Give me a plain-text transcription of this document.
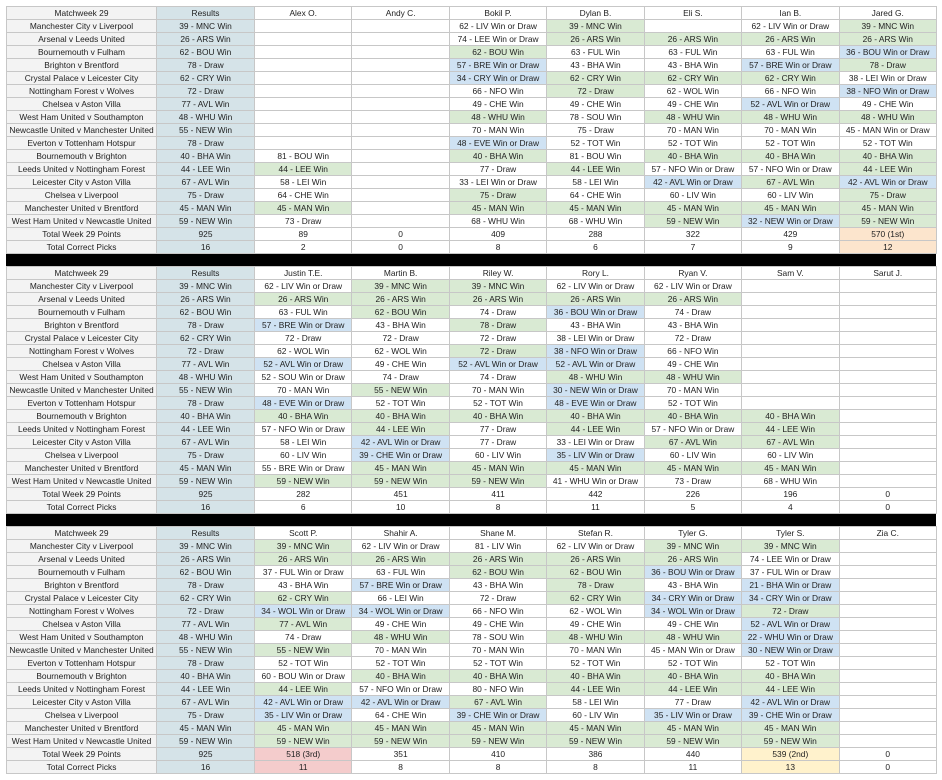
Matchweek 29	Results	Alex O.	Andy C.	Bokil P.	Dylan B.	Eli S.	Ian B.	Jared G.
Manchester City v Liverpool	39 - MNC Win			62 - LIV Win or Draw	39 - MNC Win		62 - LIV Win or Draw	39 - MNC Win
Arsenal v Leeds United	26 - ARS Win			74 - LEE Win or Draw	26 - ARS Win	26 - ARS Win	26 - ARS Win	26 - ARS Win
Bournemouth v Fulham	62 - BOU Win			62 - BOU Win	63 - FUL Win	63 - FUL Win	63 - FUL Win	36 - BOU Win or Draw
Brighton v Brentford	78 - Draw			57 - BRE Win or Draw	43 - BHA Win	43 - BHA Win	57 - BRE Win or Draw	78 - Draw
Crystal Palace v Leicester City	62 - CRY Win			34 - CRY Win or Draw	62 - CRY Win	62 - CRY Win	62 - CRY Win	38 - LEI Win or Draw
Nottingham Forest v Wolves	72 - Draw			66 - NFO Win	72 - Draw	62 - WOL Win	66 - NFO Win	38 - NFO Win or Draw
Chelsea v Aston Villa	77 - AVL Win			49 - CHE Win	49 - CHE Win	49 - CHE Win	52 - AVL Win or Draw	49 - CHE Win
West Ham United v Southampton	48 - WHU Win			48 - WHU Win	78 - SOU Win	48 - WHU Win	48 - WHU Win	48 - WHU Win
Newcastle United v Manchester United	55 - NEW Win			70 - MAN Win	75 - Draw	70 - MAN Win	70 - MAN Win	45 - MAN Win or Draw
Everton v Tottenham Hotspur	78 - Draw			48 - EVE Win or Draw	52 - TOT Win	52 - TOT Win	52 - TOT Win	52 - TOT Win
Bournemouth v Brighton	40 - BHA Win	81 - BOU Win		40 - BHA Win	81 - BOU Win	40 - BHA Win	40 - BHA Win	40 - BHA Win
Leeds United v Nottingham Forest	44 - LEE Win	44 - LEE Win		77 - Draw	44 - LEE Win	57 - NFO Win or Draw	57 - NFO Win or Draw	44 - LEE Win
Leicester City v Aston Villa	67 - AVL Win	58 - LEI Win		33 - LEI Win or Draw	58 - LEI Win	42 - AVL Win or Draw	67 - AVL Win	42 - AVL Win or Draw
Chelsea v Liverpool	75 - Draw	64 - CHE Win		75 - Draw	64 - CHE Win	60 - LIV Win	60 - LIV Win	75 - Draw
Manchester United v Brentford	45 - MAN Win	45 - MAN Win		45 - MAN Win	45 - MAN Win	45 - MAN Win	45 - MAN Win	45 - MAN Win
West Ham United v Newcastle United	59 - NEW Win	73 - Draw		68 - WHU Win	68 - WHU Win	59 - NEW Win	32 - NEW Win or Draw	59 - NEW Win
Total Week 29 Points	925	89	0	409	288	322	429	570 (1st)
Total Correct Picks	16	2	0	8	6	7	9	12
Matchweek 29	Results	Justin T.E.	Martin B.	Riley W.	Rory L.	Ryan V.	Sam V.	Sarut J.
Manchester City v Liverpool	39 - MNC Win	62 - LIV Win or Draw	39 - MNC Win	39 - MNC Win	62 - LIV Win or Draw	62 - LIV Win or Draw		
Arsenal v Leeds United	26 - ARS Win	26 - ARS Win	26 - ARS Win	26 - ARS Win	26 - ARS Win	26 - ARS Win		
Bournemouth v Fulham	62 - BOU Win	63 - FUL Win	62 - BOU Win	74 - Draw	36 - BOU Win or Draw	74 - Draw		
Brighton v Brentford	78 - Draw	57 - BRE Win or Draw	43 - BHA Win	78 - Draw	43 - BHA Win	43 - BHA Win		
Crystal Palace v Leicester City	62 - CRY Win	72 - Draw	72 - Draw	72 - Draw	38 - LEI Win or Draw	72 - Draw		
Nottingham Forest v Wolves	72 - Draw	62 - WOL Win	62 - WOL Win	72 - Draw	38 - NFO Win or Draw	66 - NFO Win		
Chelsea v Aston Villa	77 - AVL Win	52 - AVL Win or Draw	49 - CHE Win	52 - AVL Win or Draw	52 - AVL Win or Draw	49 - CHE Win		
West Ham United v Southampton	48 - WHU Win	52 - SOU Win or Draw	74 - Draw	74 - Draw	48 - WHU Win	48 - WHU Win		
Newcastle United v Manchester United	55 - NEW Win	70 - MAN Win	55 - NEW Win	70 - MAN Win	30 - NEW Win or Draw	70 - MAN Win		
Everton v Tottenham Hotspur	78 - Draw	48 - EVE Win or Draw	52 - TOT Win	52 - TOT Win	48 - EVE Win or Draw	52 - TOT Win		
Bournemouth v Brighton	40 - BHA Win	40 - BHA Win	40 - BHA Win	40 - BHA Win	40 - BHA Win	40 - BHA Win	40 - BHA Win	
Leeds United v Nottingham Forest	44 - LEE Win	57 - NFO Win or Draw	44 - LEE Win	77 - Draw	44 - LEE Win	57 - NFO Win or Draw	44 - LEE Win	
Leicester City v Aston Villa	67 - AVL Win	58 - LEI Win	42 - AVL Win or Draw	77 - Draw	33 - LEI Win or Draw	67 - AVL Win	67 - AVL Win	
Chelsea v Liverpool	75 - Draw	60 - LIV Win	39 - CHE Win or Draw	60 - LIV Win	35 - LIV Win or Draw	60 - LIV Win	60 - LIV Win	
Manchester United v Brentford	45 - MAN Win	55 - BRE Win or Draw	45 - MAN Win	45 - MAN Win	45 - MAN Win	45 - MAN Win	45 - MAN Win	
West Ham United v Newcastle United	59 - NEW Win	59 - NEW Win	59 - NEW Win	59 - NEW Win	41 - WHU Win or Draw	73 - Draw	68 - WHU Win	
Total Week 29 Points	925	282	451	411	442	226	196	0
Total Correct Picks	16	6	10	8	11	5	4	0
Matchweek 29	Results	Scott P.	Shahir A.	Shane M.	Stefan R.	Tyler G.	Tyler S.	Zia C.
Manchester City v Liverpool	39 - MNC Win	39 - MNC Win	62 - LIV Win or Draw	81 - LIV Win	62 - LIV Win or Draw	39 - MNC Win	39 - MNC Win	
Arsenal v Leeds United	26 - ARS Win	26 - ARS Win	26 - ARS Win	26 - ARS Win	26 - ARS Win	26 - ARS Win	74 - LEE Win or Draw	
Bournemouth v Fulham	62 - BOU Win	37 - FUL Win or Draw	63 - FUL Win	62 - BOU Win	62 - BOU Win	36 - BOU Win or Draw	37 - FUL Win or Draw	
Brighton v Brentford	78 - Draw	43 - BHA Win	57 - BRE Win or Draw	43 - BHA Win	78 - Draw	43 - BHA Win	21 - BHA Win or Draw	
Crystal Palace v Leicester City	62 - CRY Win	62 - CRY Win	66 - LEI Win	72 - Draw	62 - CRY Win	34 - CRY Win or Draw	34 - CRY Win or Draw	
Nottingham Forest v Wolves	72 - Draw	34 - WOL Win or Draw	34 - WOL Win or Draw	66 - NFO Win	62 - WOL Win	34 - WOL Win or Draw	72 - Draw	
Chelsea v Aston Villa	77 - AVL Win	77 - AVL Win	49 - CHE Win	49 - CHE Win	49 - CHE Win	49 - CHE Win	52 - AVL Win or Draw	
West Ham United v Southampton	48 - WHU Win	74 - Draw	48 - WHU Win	78 - SOU Win	48 - WHU Win	48 - WHU Win	22 - WHU Win or Draw	
Newcastle United v Manchester United	55 - NEW Win	55 - NEW Win	70 - MAN Win	70 - MAN Win	70 - MAN Win	45 - MAN Win or Draw	30 - NEW Win or Draw	
Everton v Tottenham Hotspur	78 - Draw	52 - TOT Win	52 - TOT Win	52 - TOT Win	52 - TOT Win	52 - TOT Win	52 - TOT Win	
Bournemouth v Brighton	40 - BHA Win	60 - BOU Win or Draw	40 - BHA Win	40 - BHA Win	40 - BHA Win	40 - BHA Win	40 - BHA Win	
Leeds United v Nottingham Forest	44 - LEE Win	44 - LEE Win	57 - NFO Win or Draw	80 - NFO Win	44 - LEE Win	44 - LEE Win	44 - LEE Win	
Leicester City v Aston Villa	67 - AVL Win	42 - AVL Win or Draw	42 - AVL Win or Draw	67 - AVL Win	58 - LEI Win	77 - Draw	42 - AVL Win or Draw	
Chelsea v Liverpool	75 - Draw	35 - LIV Win or Draw	64 - CHE Win	39 - CHE Win or Draw	60 - LIV Win	35 - LIV Win or Draw	39 - CHE Win or Draw	
Manchester United v Brentford	45 - MAN Win	45 - MAN Win	45 - MAN Win	45 - MAN Win	45 - MAN Win	45 - MAN Win	45 - MAN Win	
West Ham United v Newcastle United	59 - NEW Win	59 - NEW Win	59 - NEW Win	59 - NEW Win	59 - NEW Win	59 - NEW Win	59 - NEW Win	
Total Week 29 Points	925	518 (3rd)	351	410	386	440	539 (2nd)	0
Total Correct Picks	16	11	8	8	8	11	13	0
